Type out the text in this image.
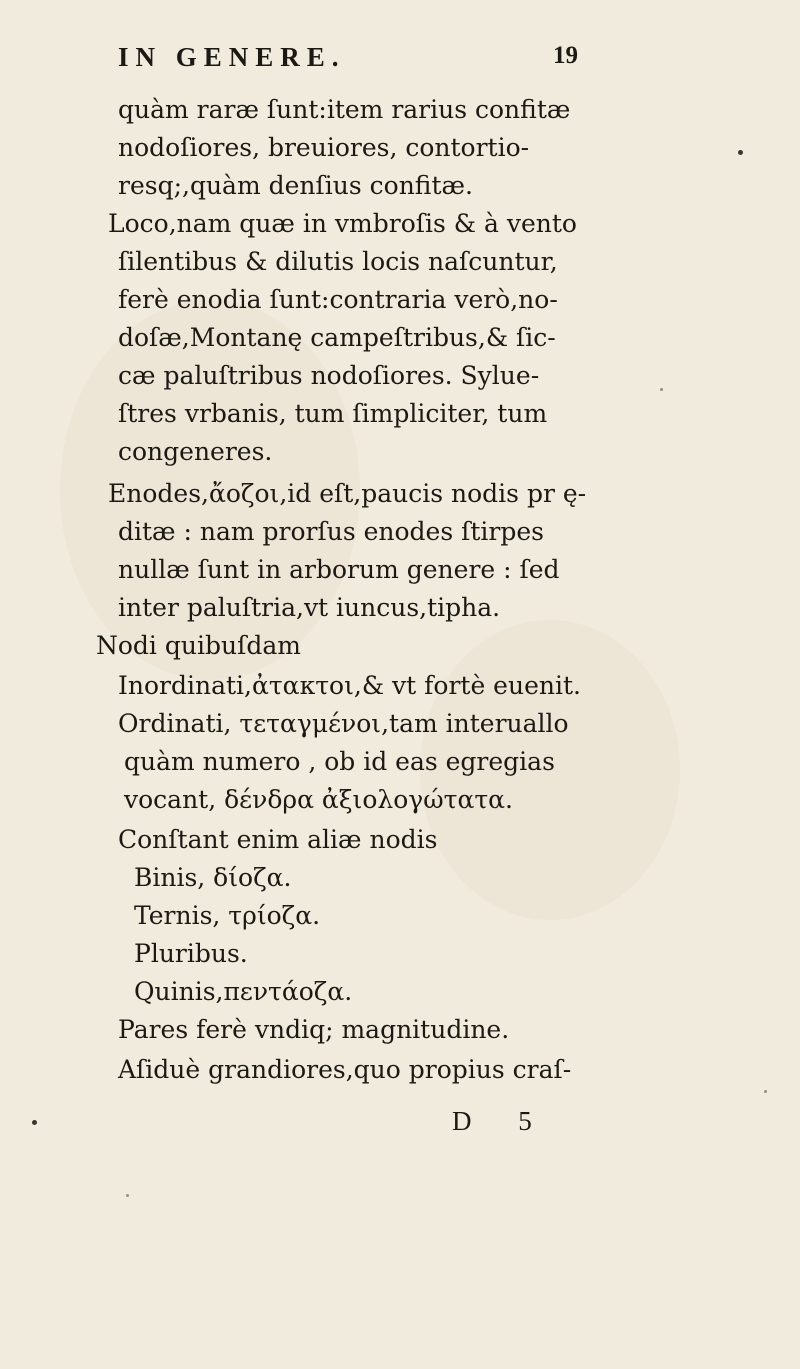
IN GENERE.	19
quàm raræ ſunt:item rarius confitæ
nodoſiores, breuiores, contortio-
resq;,quàm denſius confitæ.
Loco,nam quæ in vmbroſis & à vento
ſilentibus & dilutis locis naſcuntur,
ferè enodia ſunt:contraria verò,no-
doſæ,Montanę campeſtribus,& ſic-
cæ paluſtribus nodoſiores. Sylue-
ſtres vrbanis, tum ſimpliciter, tum
congeneres.
Enodes,ἄοζοι,id eſt,paucis nodis pr ę-
ditæ : nam prorſus enodes ſtirpes
nullæ ſunt in arborum genere : ſed
inter paluſtria,vt iuncus,tipha.
Nodi quibuſdam
Inordinati,ἀτακτοι,& vt fortè euenit.
Ordinati, τεταγμένοι,tam interuallo
quàm numero , ob id eas egregias
vocant, δένδρα ἀξιολογώτατα.
Conſtant enim aliæ nodis
Binis, δίοζα.
Ternis, τρίοζα.
Pluribus.
Quinis,πεντάοζα.
Pares ferè vndiq; magnitudine.
Aſiduè grandiores,quo propius craſ-
D 5
